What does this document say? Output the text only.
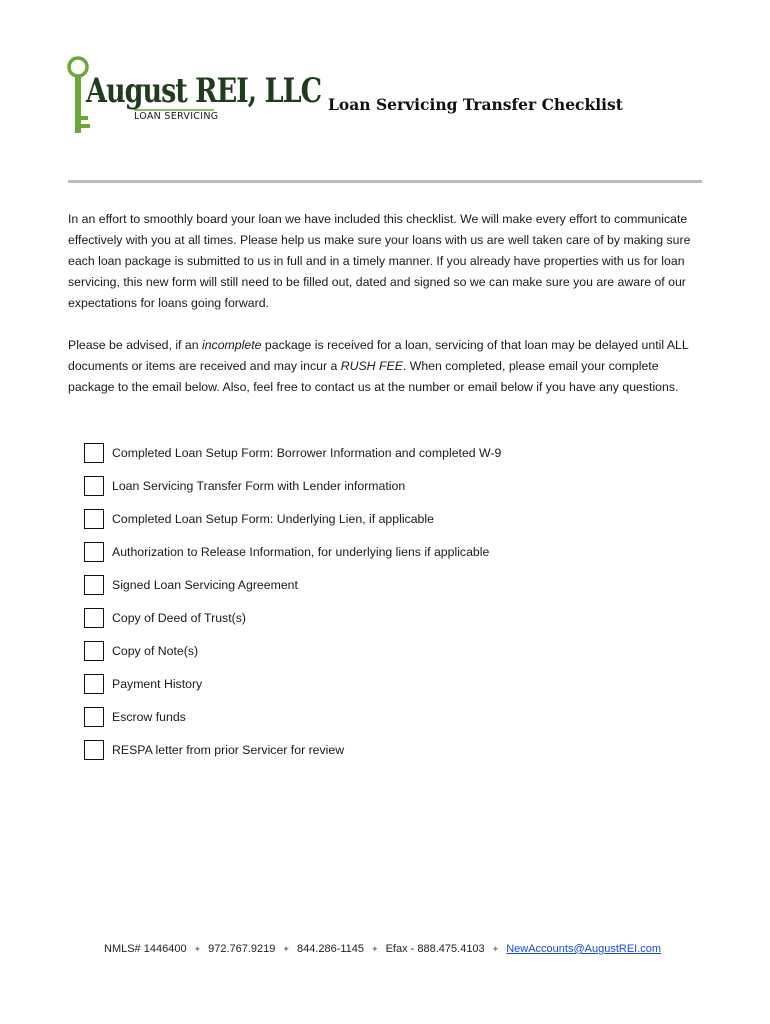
August REI, LLC
LOAN SERVICING
Loan Servicing Transfer Checklist

In an effort to smoothly board your loan we have included this checklist. We will make every effort to communicate effectively with you at all times. Please help us make sure your loans with us are well taken care of by making sure each loan package is submitted to us in full and in a timely manner. If you already have properties with us for loan servicing, this new form will still need to be filled out, dated and signed so we can make sure you are aware of our expectations for loans going forward.

Please be advised, if an incomplete package is received for a loan, servicing of that loan may be delayed until ALL documents or items are received and may incur a RUSH FEE. When completed, please email your complete package to the email below. Also, feel free to contact us at the number or email below if you have any questions.

Completed Loan Setup Form: Borrower Information and completed W-9
Loan Servicing Transfer Form with Lender information
Completed Loan Setup Form: Underlying Lien, if applicable
Authorization to Release Information, for underlying liens if applicable
Signed Loan Servicing Agreement
Copy of Deed of Trust(s)
Copy of Note(s)
Payment History
Escrow funds
RESPA letter from prior Servicer for review
NMLS# 1446400 ✦ 972.767.9219 ✦ 844.286-1145 ✦ Efax - 888.475.4103 ✦ NewAccounts@AugustREI.com
